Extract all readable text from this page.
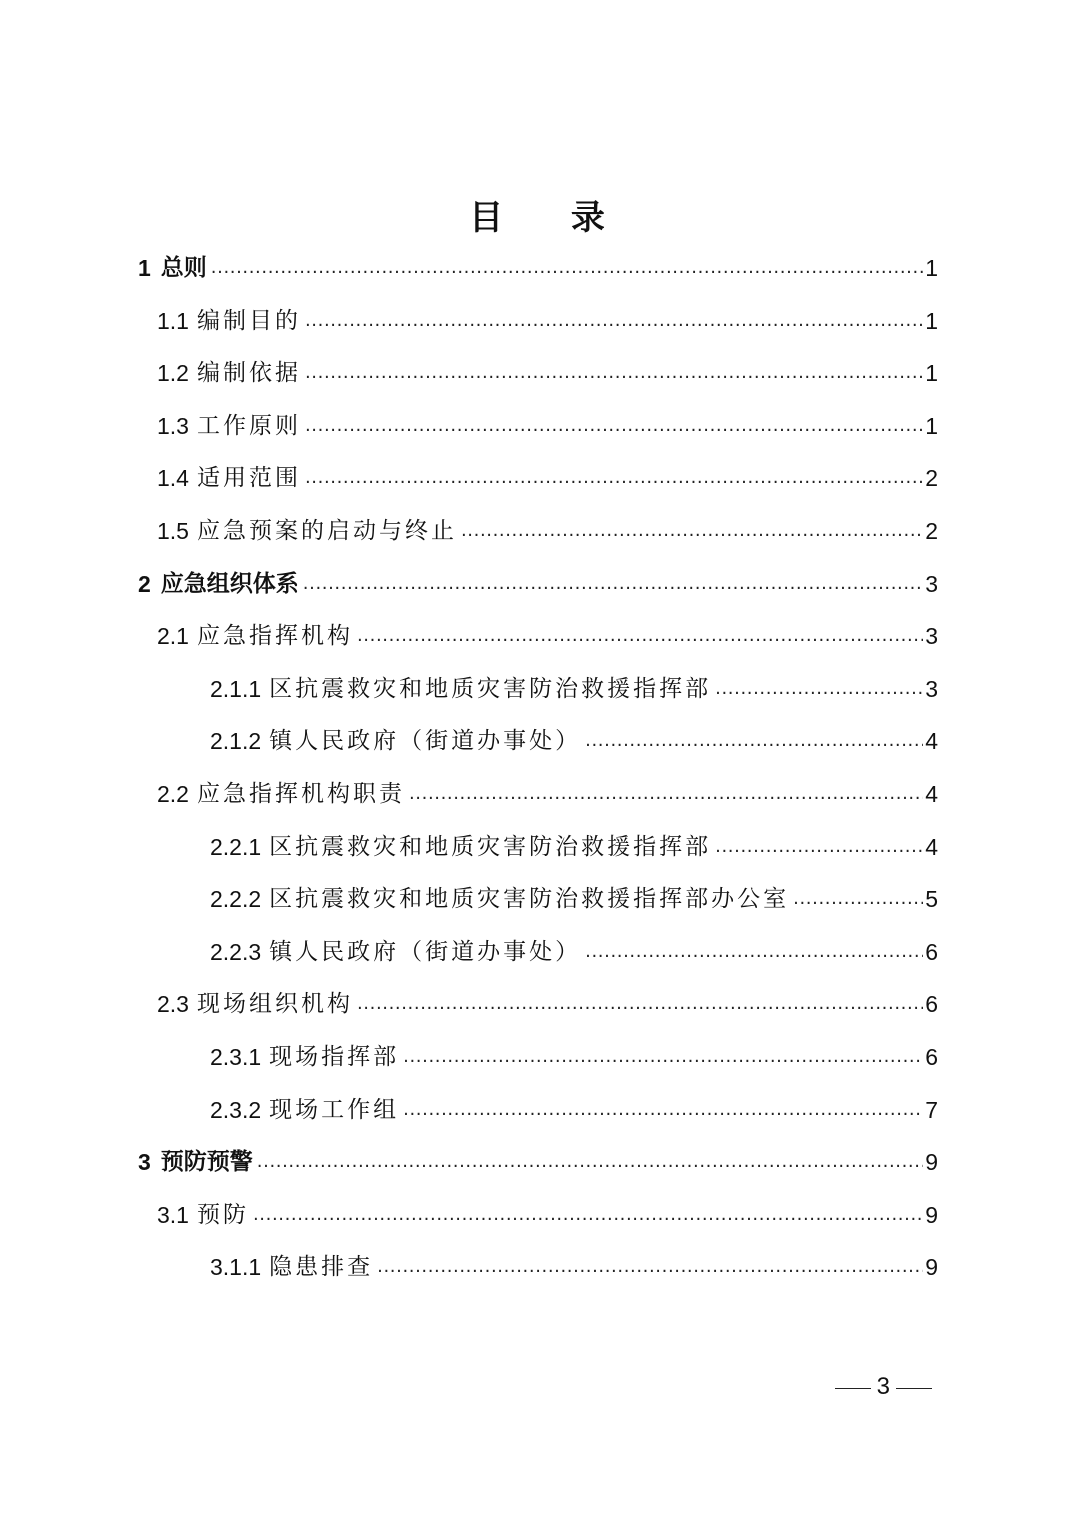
目 录
1 总则 .....	1
1.1 编制目的 .....	1
1.2 编制依据 .....	1
1.3 工作原则 .....	1
1.4 适用范围 .....	2
1.5 应急预案的启动与终止 .....	2
2 应急组织体系 .....	3
2.1 应急指挥机构 .....	3
2.1.1 区抗震救灾和地质灾害防治救援指挥部 .....	3
2.1.2 镇人民政府（街道办事处） .....	4
2.2 应急指挥机构职责 .....	4
2.2.1 区抗震救灾和地质灾害防治救援指挥部 .....	4
2.2.2 区抗震救灾和地质灾害防治救援指挥部办公室 .....	5
2.2.3 镇人民政府（街道办事处） .....	6
2.3 现场组织机构 .....	6
2.3.1 现场指挥部 .....	6
2.3.2 现场工作组 .....	7
3 预防预警 .....	9
3.1 预防 .....	9
3.1.1 隐患排查 .....	9
3
